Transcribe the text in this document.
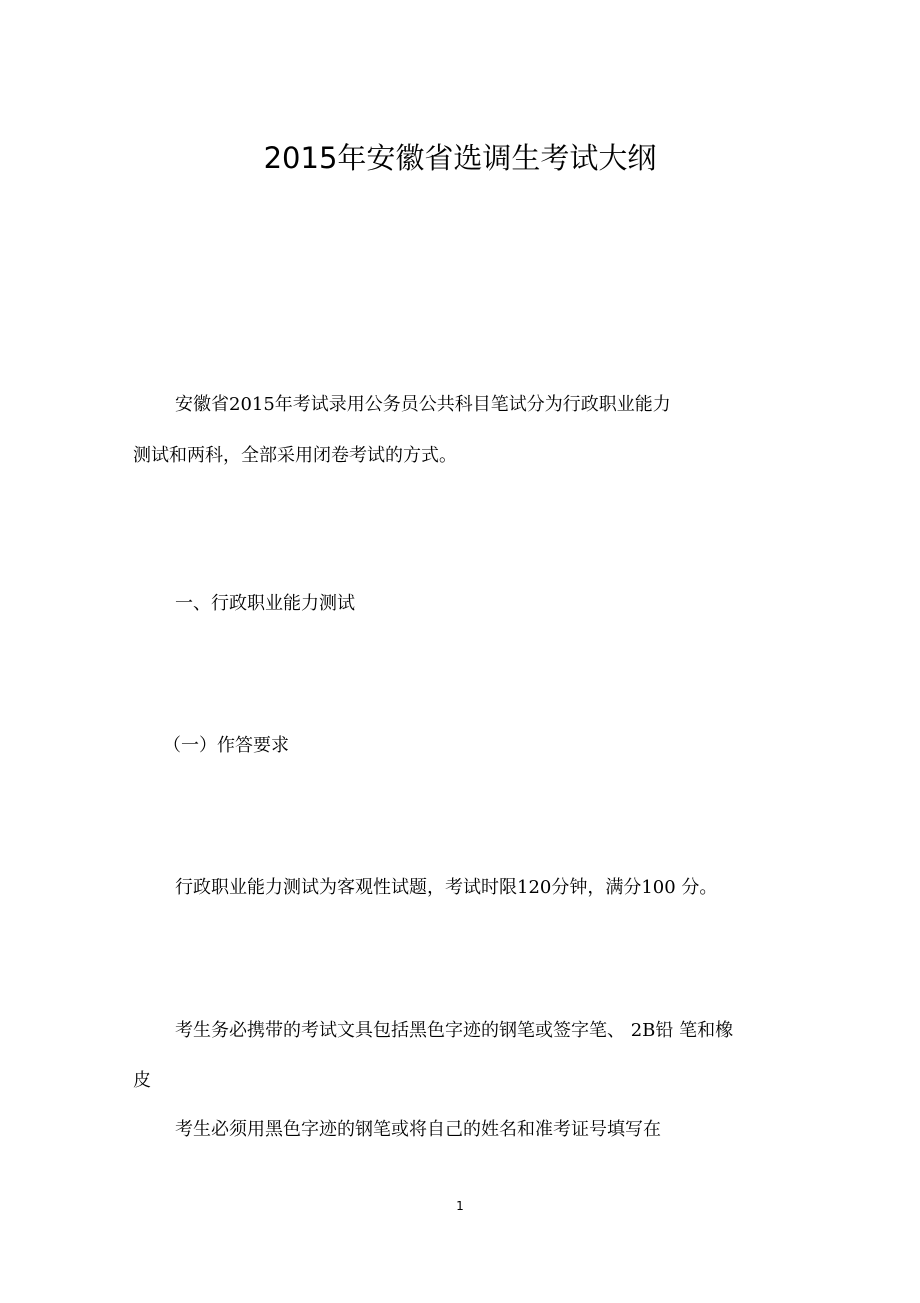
2015年安徽省选调生考试大纲
安徽省2015年考试录用公务员公共科目笔试分为行政职业能力
测试和两科，全部采用闭卷考试的方式。
一、行政职业能力测试
（一）作答要求
行政职业能力测试为客观性试题，考试时限120分钟，满分100 分。
考生务必携带的考试文具包括黑色字迹的钢笔或签字笔、 2B铅 笔和橡
皮
考生必须用黑色字迹的钢笔或将自己的姓名和准考证号填写在
1
